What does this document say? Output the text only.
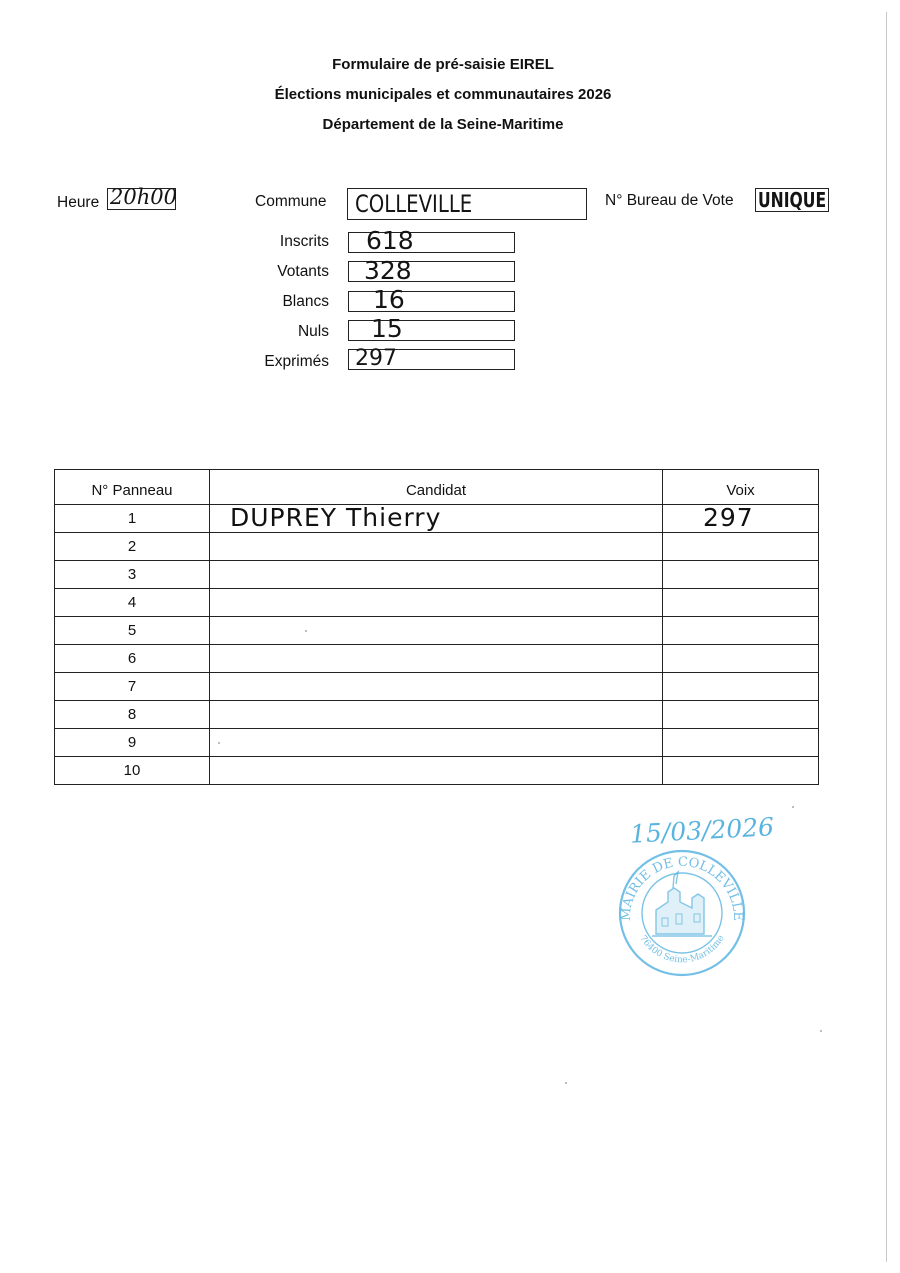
Formulaire de pré-saisie EIREL
Élections municipales et communautaires 2026
Département de la Seine-Maritime
Heure 20h00	Commune COLLEVILLE	N° Bureau de Vote UNIQUE
Inscrits 618
Votants 328
Blancs 16
Nuls 15
Exprimés 297
N° Panneau	Candidat	Voix
1	DUPREY Thierry	297

2		
3		
4		
5		
6		
7		
8		
9		
10		
15/03/2026
MAIRIE DE COLLEVILLE
76400 Seine-Maritime
